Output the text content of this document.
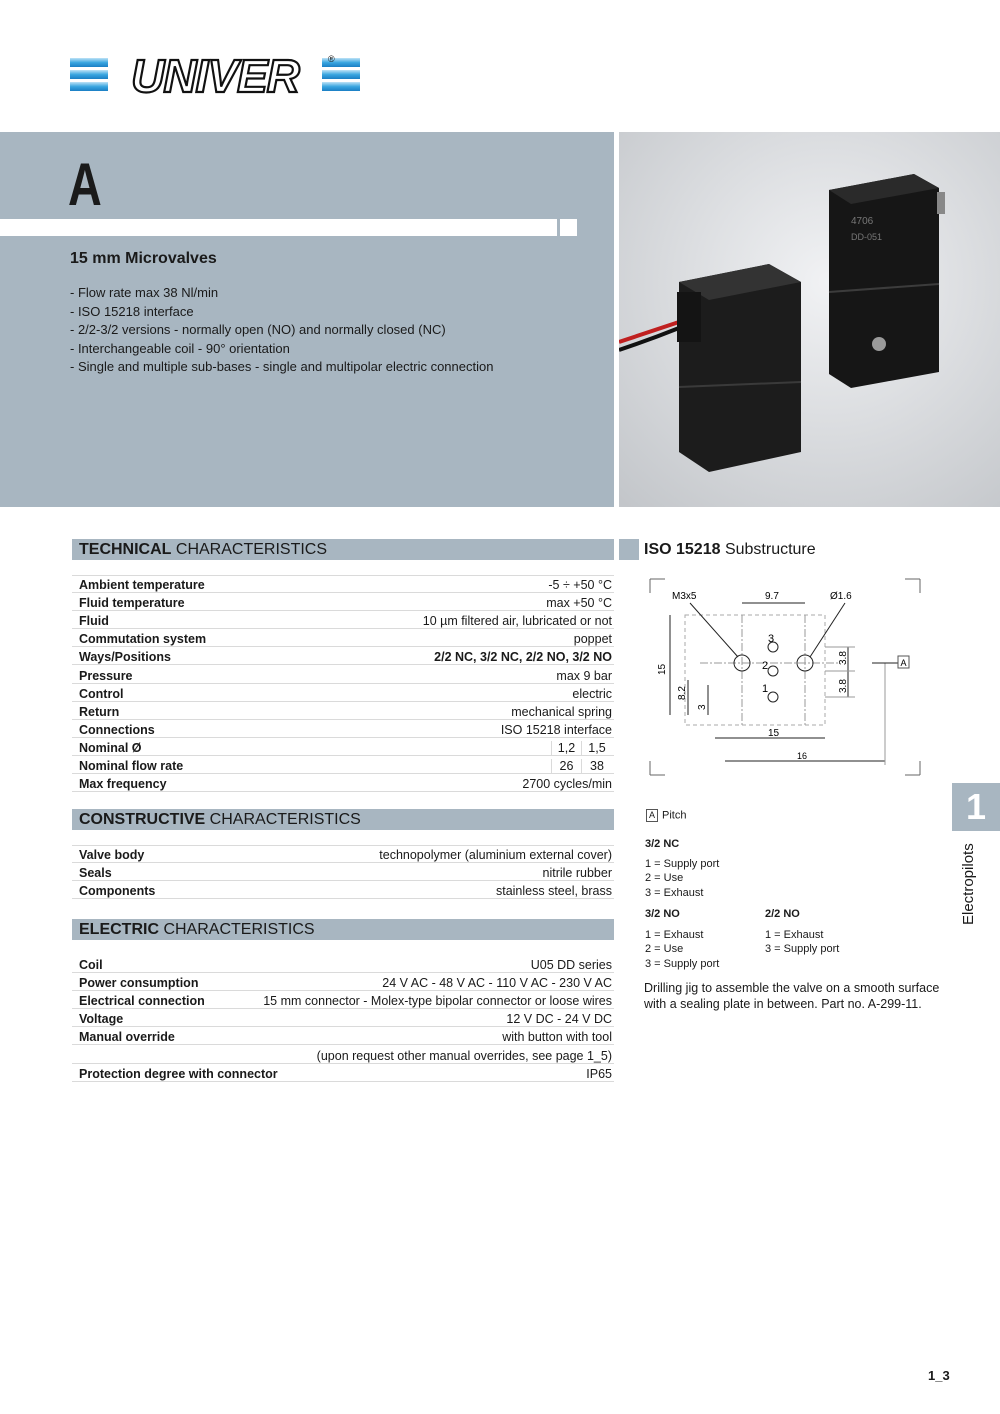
UNIVER	®
A
15 mm Microvalves
- Flow rate max 38 Nl/min
- ISO 15218 interface
- 2/2-3/2 versions - normally open (NO) and normally closed (NC)
- Interchangeable coil - 90° orientation
- Single and multiple sub-bases - single and multipolar electric connection
4706
DD-051
TECHNICAL CHARACTERISTICS
Ambient temperature	-5 ÷ +50 °C
Fluid temperature	max +50 °C
Fluid	10 µm filtered air, lubricated or not
Commutation system	poppet
Ways/Positions	2/2 NC, 3/2 NC, 2/2 NO, 3/2 NO
Pressure	max 9 bar
Control	electric
Return	mechanical spring
Connections	ISO 15218 interface
Nominal Ø	1,2	1,5
Nominal flow rate	26	38
Max frequency	2700 cycles/min
CONSTRUCTIVE CHARACTERISTICS
Valve body	technopolymer (aluminium external cover)
Seals	nitrile rubber
Components	stainless steel, brass
ELECTRIC CHARACTERISTICS
Coil	U05 DD series
Power consumption	24 V AC - 48 V AC - 110 V AC - 230 V AC
Electrical connection	15 mm connector - Molex-type bipolar connector or loose wires
Voltage	12 V DC - 24 V DC
Manual override	with button with tool
(upon request other manual overrides, see page 1_5)
Protection degree with connector	IP65
ISO 15218 Substructure
A
M3x5	9.7	Ø1.6
3
2
1
15
8.2
3
3.8
3.8
15
16
A Pitch
3/2 NC
1 = Supply port
2 = Use
3 = Exhaust
3/2 NO
1 = Exhaust
2 = Use
3 = Supply port
2/2 NO
1 = Exhaust
3 = Supply port
Drilling jig to assemble the valve on a smooth surface with a sealing plate in between. Part no. A-299-11.
1
Electropilots
1_3
